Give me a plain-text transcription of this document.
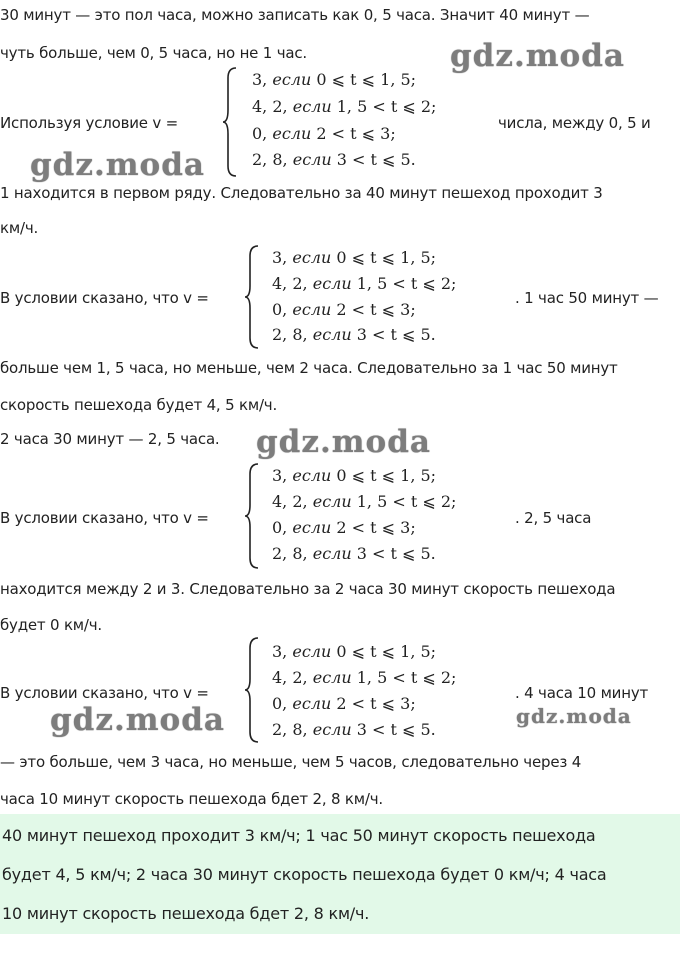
30 минут — это пол часа, можно записать как 0, 5 часа. Значит 40 минут —
чуть больше, чем 0, 5 часа, но не 1 час.
Используя условие v =
3, если 0 ⩽ t ⩽ 1, 5;
4, 2, если 1, 5 < t ⩽ 2;
0, если 2 < t ⩽ 3;
2, 8, если 3 < t ⩽ 5.
числа, между 0, 5 и
1 находится в первом ряду. Следовательно за 40 минут пешеход проходит 3
км/ч.
В условии сказано, что v =
3, если 0 ⩽ t ⩽ 1, 5;
4, 2, если 1, 5 < t ⩽ 2;
0, если 2 < t ⩽ 3;
2, 8, если 3 < t ⩽ 5.
. 1 час 50 минут —
больше чем 1, 5 часа, но меньше, чем 2 часа. Следовательно за 1 час 50 минут
скорость пешехода будет 4, 5 км/ч.
2 часа 30 минут — 2, 5 часа.
В условии сказано, что v =
3, если 0 ⩽ t ⩽ 1, 5;
4, 2, если 1, 5 < t ⩽ 2;
0, если 2 < t ⩽ 3;
2, 8, если 3 < t ⩽ 5.
. 2, 5 часа
находится между 2 и 3. Следовательно за 2 часа 30 минут скорость пешехода
будет 0 км/ч.
В условии сказано, что v =
3, если 0 ⩽ t ⩽ 1, 5;
4, 2, если 1, 5 < t ⩽ 2;
0, если 2 < t ⩽ 3;
2, 8, если 3 < t ⩽ 5.
. 4 часа 10 минут
— это больше, чем 3 часа, но меньше, чем 5 часов, следовательно через 4
часа 10 минут скорость пешехода бдет 2, 8 км/ч.
40 минут пешеход проходит 3 км/ч; 1 час 50 минут скорость пешехода
будет 4, 5 км/ч; 2 часа 30 минут скорость пешехода будет 0 км/ч; 4 часа
10 минут скорость пешехода бдет 2, 8 км/ч.
gdz.moda
gdz.moda
gdz.moda
gdz.moda	gdz.moda
